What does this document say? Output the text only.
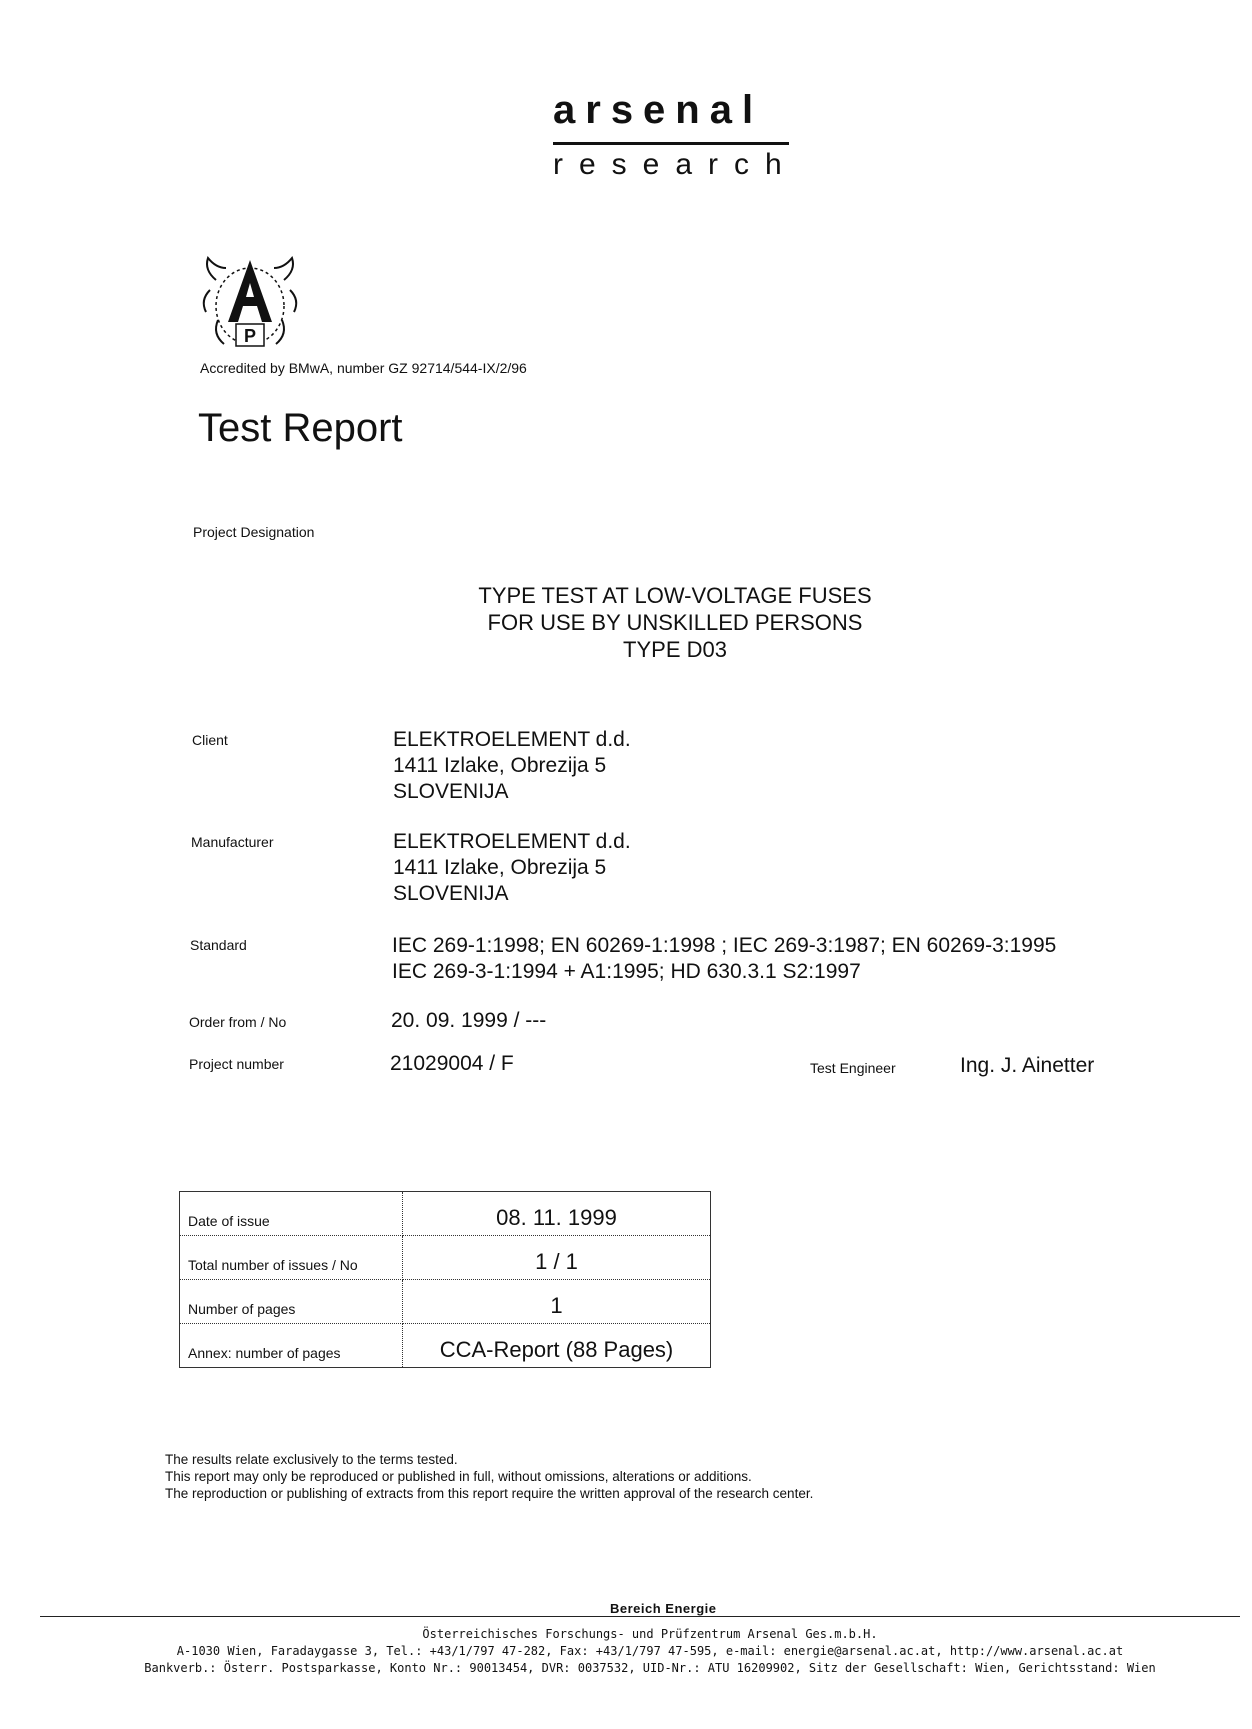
arsenal
research
P
Accredited by BMwA, number GZ 92714/544-IX/2/96
Test Report
Project Designation
TYPE TEST AT LOW-VOLTAGE FUSES
FOR USE BY UNSKILLED PERSONS
TYPE D03
Client	ELEKTROELEMENT d.d.
1411 Izlake, Obrezija 5
SLOVENIJA
Manufacturer	ELEKTROELEMENT d.d.
1411 Izlake, Obrezija 5
SLOVENIJA
Standard	IEC 269-1:1998; EN 60269-1:1998 ; IEC 269-3:1987; EN 60269-3:1995
IEC 269-3-1:1994 + A1:1995; HD 630.3.1 S2:1997
Order from / No	20. 09. 1999 / ---
Project number	21029004 / F	Test Engineer	Ing. J. Ainetter
Date of issue	08. 11. 1999
Total number of issues / No	1 / 1
Number of pages	1
Annex: number of pages	CCA-Report (88 Pages)
The results relate exclusively to the terms tested.
This report may only be reproduced or published in full, without omissions, alterations or additions.
The reproduction or publishing of extracts from this report require the written approval of the research center.
Bereich Energie
Österreichisches Forschungs- und Prüfzentrum Arsenal Ges.m.b.H.
A-1030 Wien, Faradaygasse 3, Tel.: +43/1/797 47-282, Fax: +43/1/797 47-595, e-mail: energie@arsenal.ac.at, http://www.arsenal.ac.at
Bankverb.: Österr. Postsparkasse, Konto Nr.: 90013454, DVR: 0037532, UID-Nr.: ATU 16209902, Sitz der Gesellschaft: Wien, Gerichtsstand: Wien
